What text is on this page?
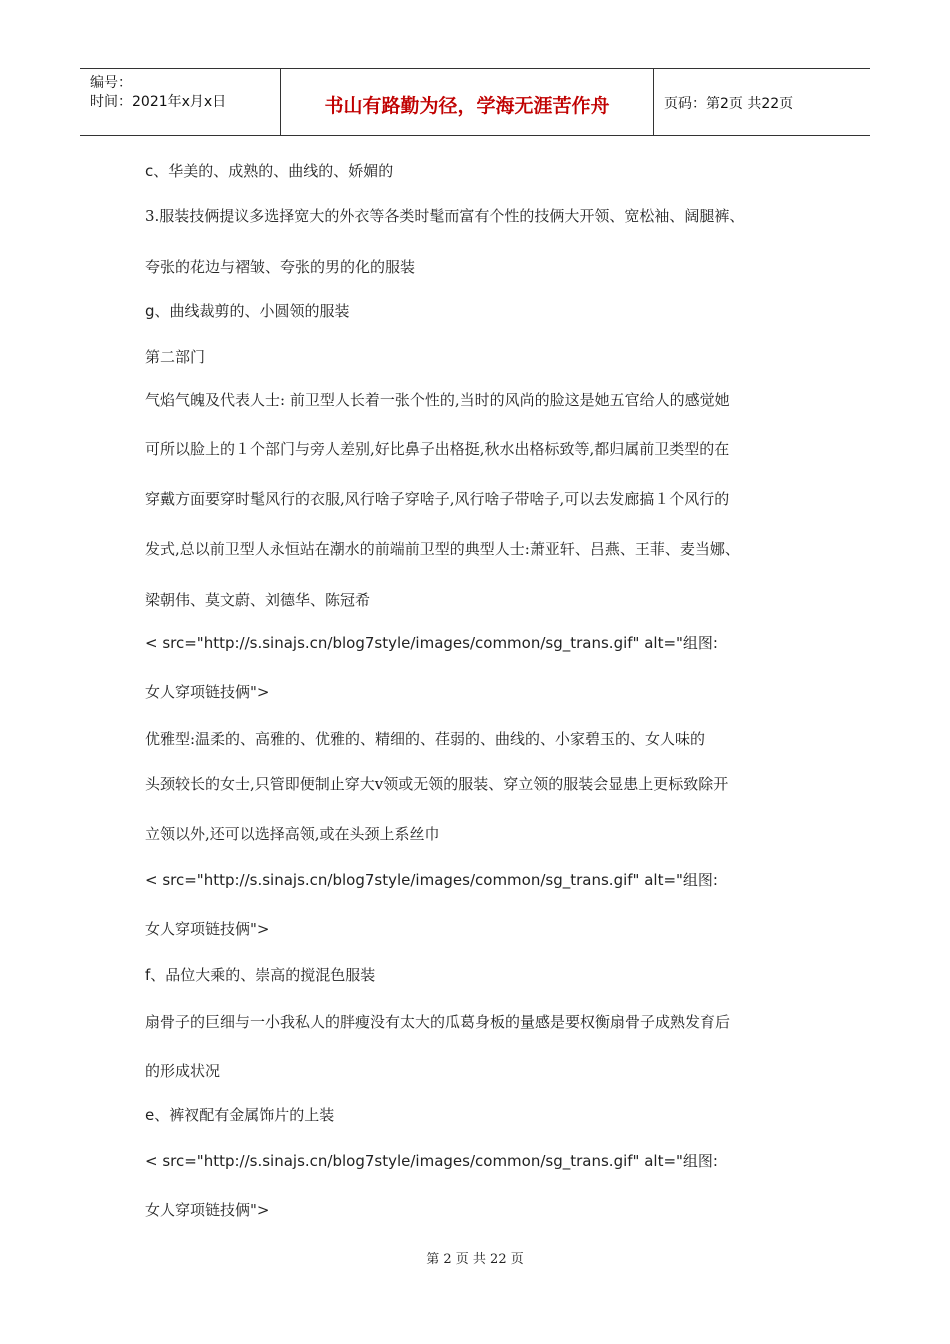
编号：
时间：2021年x月x日	书山有路勤为径，学海无涯苦作舟	页码：第2页 共22页
c、华美的、成熟的、曲线的、娇媚的
3.服装技俩提议多选择宽大的外衣等各类时髦而富有个性的技俩大开领、宽松袖、阔腿裤、
夸张的花边与褶皱、夸张的男的化的服装
g、曲线裁剪的、小圆领的服装
第二部门
气焰气魄及代表人士: 前卫型人长着一张个性的,当时的风尚的脸这是她五官给人的感觉她
可所以脸上的１个部门与旁人差别,好比鼻子出格挺,秋水出格标致等,都归属前卫类型的在
穿戴方面要穿时髦风行的衣服,风行啥子穿啥子,风行啥子带啥子,可以去发廊搞１个风行的
发式,总以前卫型人永恒站在潮水的前端前卫型的典型人士:萧亚轩、吕燕、王菲、麦当娜、
梁朝伟、莫文蔚、刘德华、陈冠希
< src="http://s.sinajs.cn/blog7style/images/common/sg_trans.gif" alt="组图:
女人穿项链技俩">
优雅型:温柔的、高雅的、优雅的、精细的、荏弱的、曲线的、小家碧玉的、女人味的
头颈较长的女士,只管即便制止穿大v领或无领的服装、穿立领的服装会显患上更标致除开
立领以外,还可以选择高领,或在头颈上系丝巾
< src="http://s.sinajs.cn/blog7style/images/common/sg_trans.gif" alt="组图:
女人穿项链技俩">
f、品位大乘的、崇高的搅混色服装
扇骨子的巨细与一小我私人的胖瘦没有太大的瓜葛身板的量感是要权衡扇骨子成熟发育后
的形成状况
e、裤衩配有金属饰片的上装
< src="http://s.sinajs.cn/blog7style/images/common/sg_trans.gif" alt="组图:
女人穿项链技俩">
第 2 页 共 22 页
